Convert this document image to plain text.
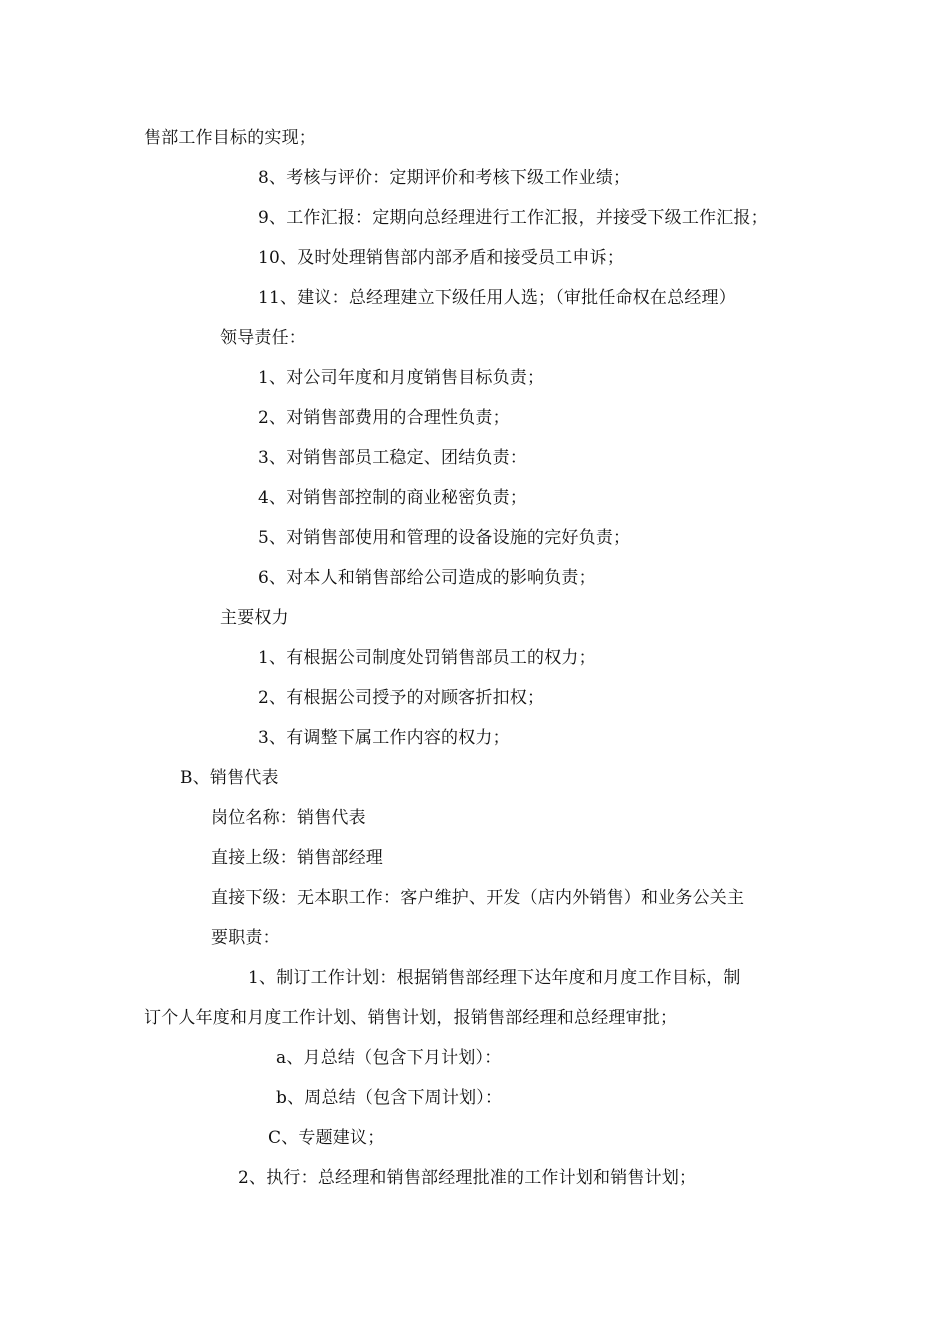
售部工作目标的实现；
8、考核与评价：定期评价和考核下级工作业绩；
9、工作汇报：定期向总经理进行工作汇报，并接受下级工作汇报；
10、及时处理销售部内部矛盾和接受员工申诉；
11、建议：总经理建立下级任用人选；（审批任命权在总经理）
领导责任：
1、对公司年度和月度销售目标负责；
2、对销售部费用的合理性负责；
3、对销售部员工稳定、团结负责：
4、对销售部控制的商业秘密负责；
5、对销售部使用和管理的设备设施的完好负责；
6、对本人和销售部给公司造成的影响负责；
主要权力
1、有根据公司制度处罚销售部员工的权力；
2、有根据公司授予的对顾客折扣权；
3、有调整下属工作内容的权力；
B、销售代表
岗位名称：销售代表
直接上级：销售部经理
直接下级：无本职工作：客户维护、开发（店内外销售）和业务公关主
要职责：
1、制订工作计划：根据销售部经理下达年度和月度工作目标，制
订个人年度和月度工作计划、销售计划，报销售部经理和总经理审批；
a、月总结（包含下月计划）：
b、周总结（包含下周计划）：
C、专题建议；
2、执行：总经理和销售部经理批准的工作计划和销售计划；
